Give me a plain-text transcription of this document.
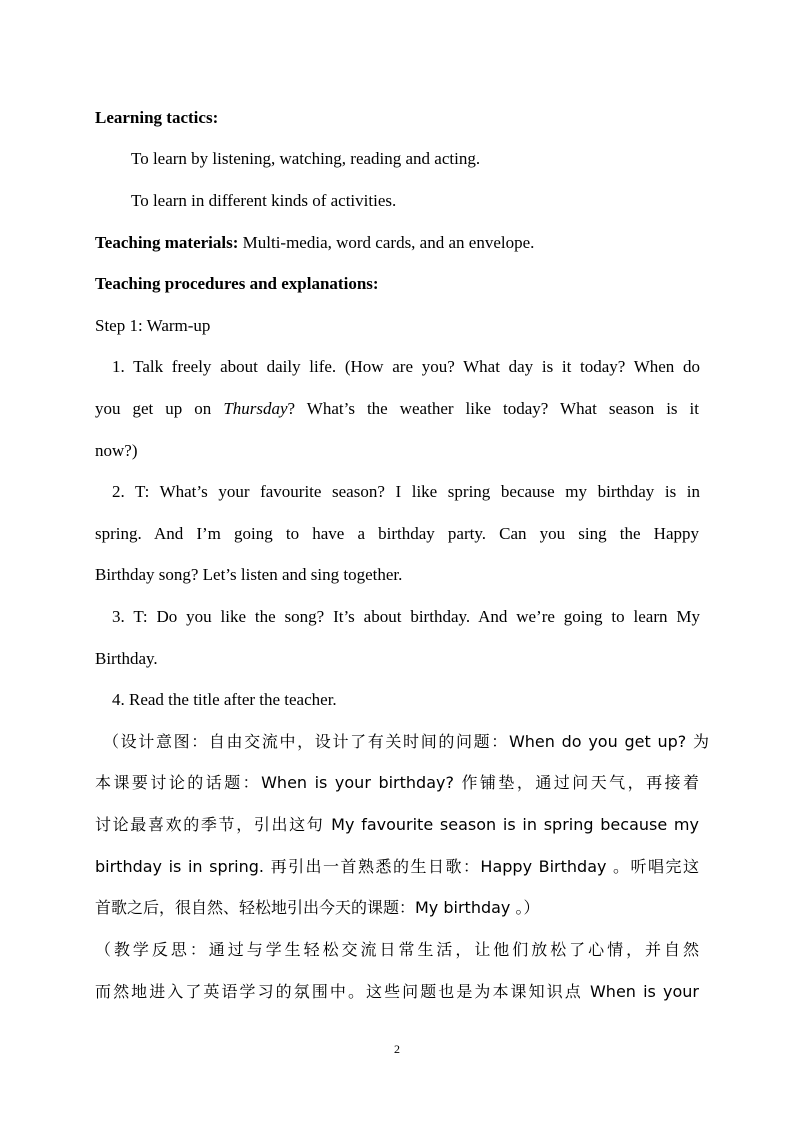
Learning tactics:
To learn by listening, watching, reading and acting.
To learn in different kinds of activities.
Teaching materials: Multi-media, word cards, and an envelope.
Teaching procedures and explanations:
Step 1: Warm-up
1. Talk freely about daily life. (How are you? What day is it today? When do
you get up on Thursday? What’s the weather like today? What season is it
now?)
2. T: What’s your favourite season? I like spring because my birthday is in
spring. And I’m going to have a birthday party. Can you sing the Happy
Birthday song? Let’s listen and sing together.
3. T: Do you like the song? It’s about birthday. And we’re going to learn My
Birthday.
4. Read the title after the teacher.
（设计意图：自由交流中，设计了有关时间的问题：When do you get up? 为
本课要讨论的话题：When is your birthday? 作铺垫，通过问天气，再接着
讨论最喜欢的季节，引出这句 My favourite season is in spring because my
birthday is in spring. 再引出一首熟悉的生日歌：Happy Birthday 。听唱完这
首歌之后，很自然、轻松地引出今天的课题：My birthday 。）
（教学反思：通过与学生轻松交流日常生活，让他们放松了心情，并自然
而然地进入了英语学习的氛围中。这些问题也是为本课知识点 When is your
2
